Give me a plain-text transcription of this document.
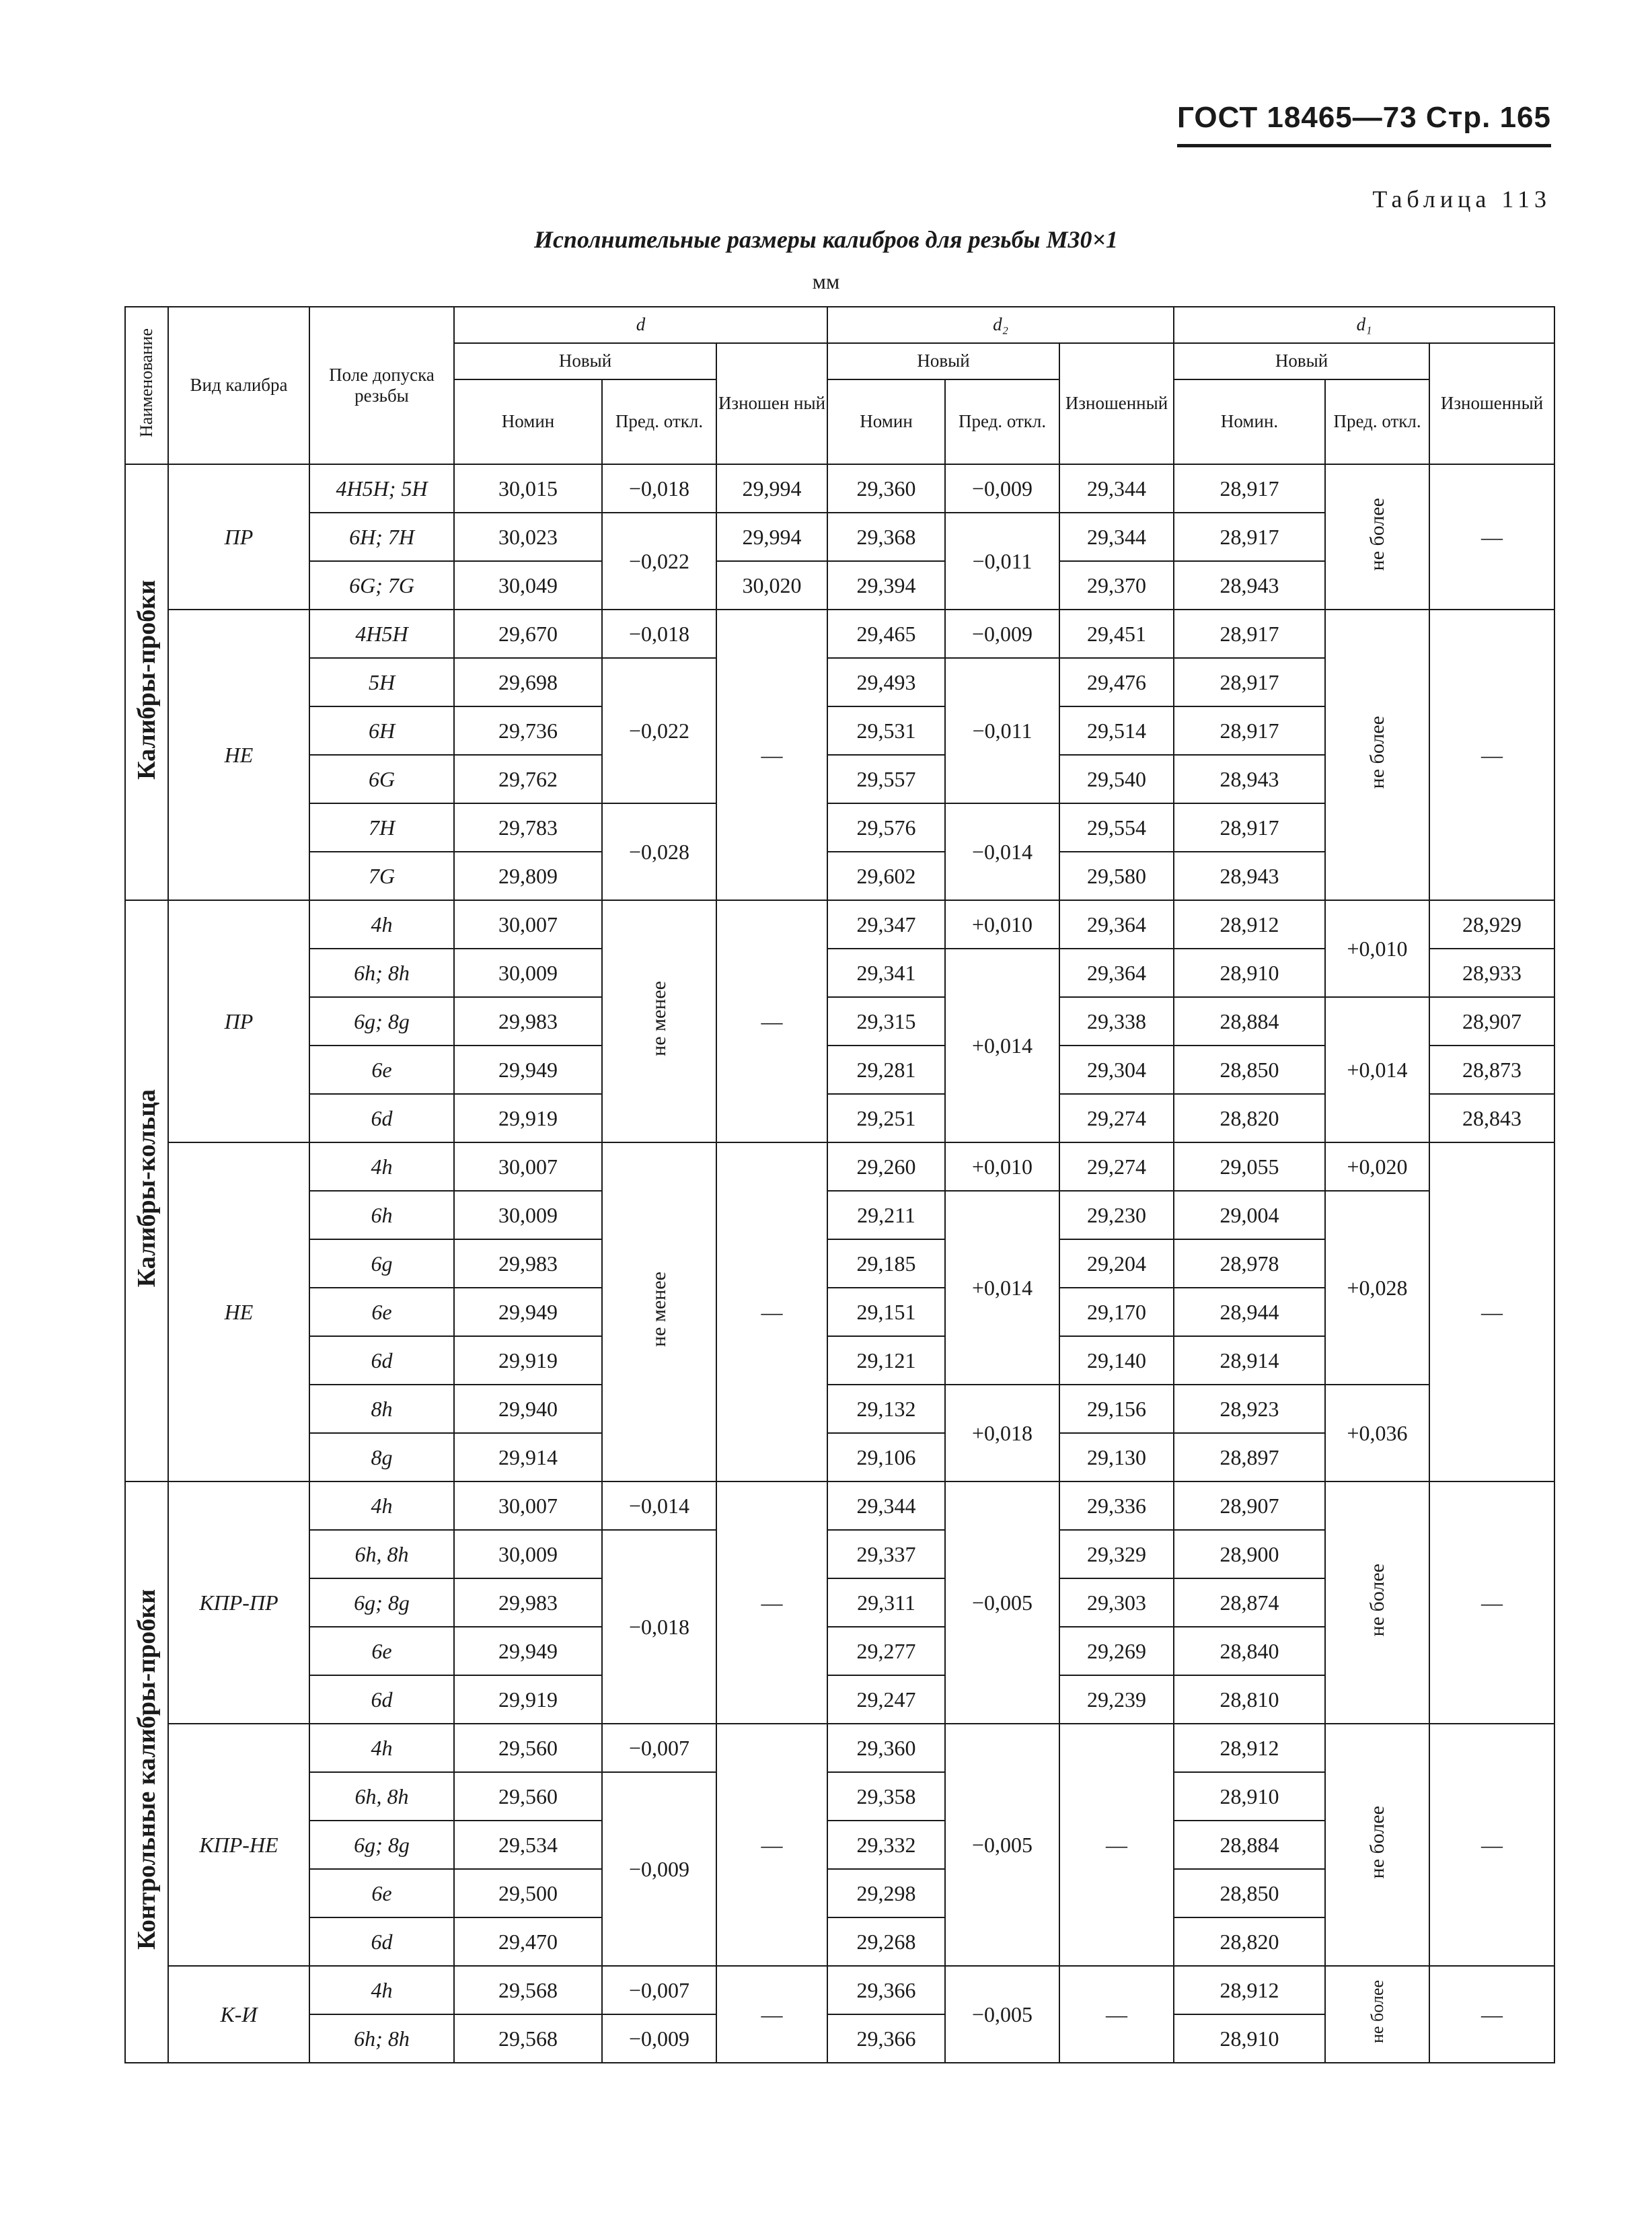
ГОСТ 18465—73 Стр. 165
Таблица 113
Исполнительные размеры калибров для резьбы М30×1
мм
Наименование	Вид калибра	Поле допуска резьбы	d			d₂			d₁		
			Новый		Изношен ный	Новый		Изношенный	Новый		Изношенный
			Номин	Пред. откл.		Номин	Пред. откл.		Номин.	Пред. откл.	
Калибры-пробки	ПР	4H5H; 5H	30,015	−0,018	29,994	29,360	−0,009	29,344	28,917	не более	—
		6H; 7H	30,023	−0,022	29,994	29,368	−0,011	29,344	28,917		
		6G; 7G	30,049		30,020	29,394		29,370	28,943		
	НЕ	4H5H	29,670	−0,018	—	29,465	−0,009	29,451	28,917	не более	—
		5H	29,698	−0,022		29,493	−0,011	29,476	28,917		
		6H	29,736			29,531		29,514	28,917		
		6G	29,762			29,557		29,540	28,943		
		7H	29,783	−0,028		29,576	−0,014	29,554	28,917		
		7G	29,809			29,602		29,580	28,943		
Калибры-кольца	ПР	4h	30,007	не менее	—	29,347	+0,010	29,364	28,912	+0,010	28,929
		6h; 8h	30,009			29,341	+0,014	29,364	28,910		28,933
		6g; 8g	29,983			29,315		29,338	28,884	+0,014	28,907
		6e	29,949			29,281		29,304	28,850		28,873
		6d	29,919			29,251		29,274	28,820		28,843
	НЕ	4h	30,007	не менее	—	29,260	+0,010	29,274	29,055	+0,020	—
		6h	30,009			29,211	+0,014	29,230	29,004	+0,028	
		6g	29,983			29,185		29,204	28,978		
		6e	29,949			29,151		29,170	28,944		
		6d	29,919			29,121		29,140	28,914		
		8h	29,940			29,132	+0,018	29,156	28,923	+0,036	
		8g	29,914			29,106		29,130	28,897		
Контрольные калибры-пробки	КПР-ПР	4h	30,007	−0,014	—	29,344	−0,005	29,336	28,907	не более	—
		6h, 8h	30,009	−0,018		29,337		29,329	28,900		
		6g; 8g	29,983			29,311		29,303	28,874		
		6e	29,949			29,277		29,269	28,840		
		6d	29,919			29,247		29,239	28,810		
	КПР-НЕ	4h	29,560	−0,007	—	29,360	−0,005	—	28,912	не более	—
		6h, 8h	29,560	−0,009		29,358			28,910		
		6g; 8g	29,534			29,332			28,884		
		6e	29,500			29,298			28,850		
		6d	29,470			29,268			28,820		
	К-И	4h	29,568	−0,007	—	29,366	−0,005	—	28,912	не более	—
		6h; 8h	29,568	−0,009		29,366			28,910		
